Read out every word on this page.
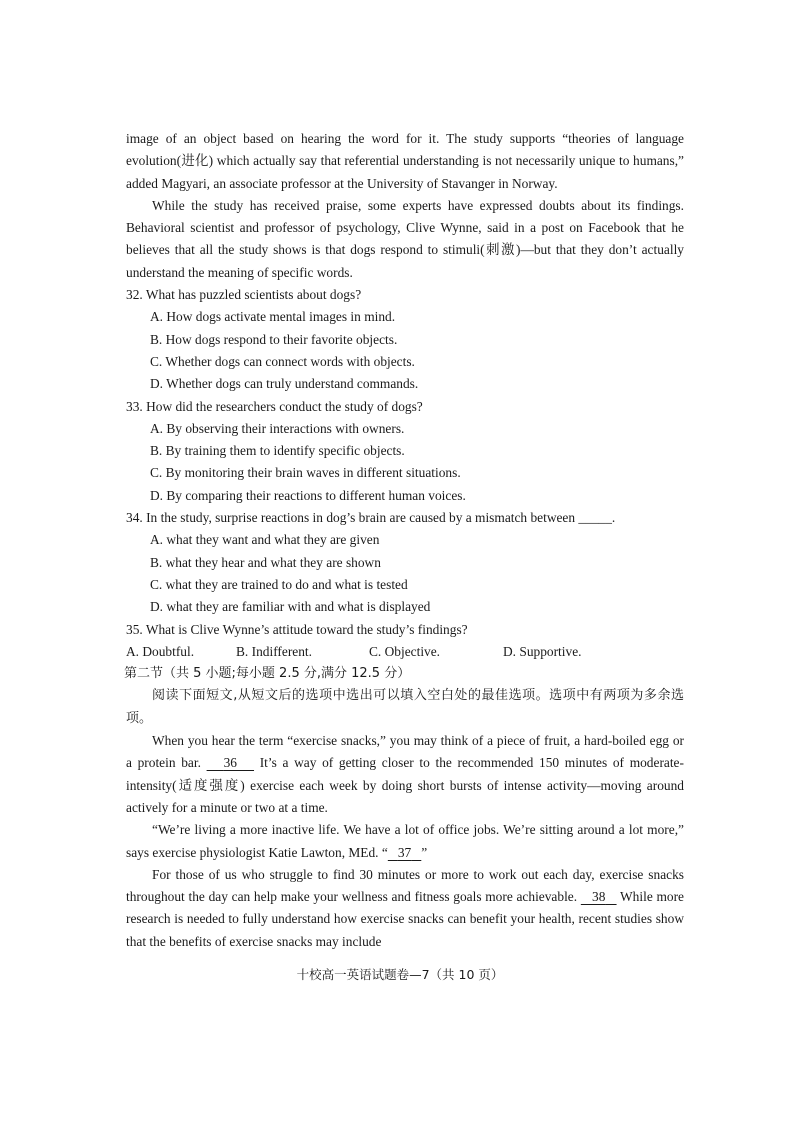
image of an object based on hearing the word for it. The study supports “theories of language evolution(进化) which actually say that referential understanding is not necessarily unique to humans,” added Magyari, an associate professor at the University of Stavanger in Norway.

While the study has received praise, some experts have expressed doubts about its findings. Behavioral scientist and professor of psychology, Clive Wynne, said in a post on Facebook that he believes that all the study shows is that dogs respond to stimuli(刺激)—but that they don’t actually understand the meaning of specific words.

32. What has puzzled scientists about dogs?

A. How dogs activate mental images in mind.

B. How dogs respond to their favorite objects.

C. Whether dogs can connect words with objects.

D. Whether dogs can truly understand commands.

33. How did the researchers conduct the study of dogs?

A. By observing their interactions with owners.

B. By training them to identify specific objects.

C. By monitoring their brain waves in different situations.

D. By comparing their reactions to different human voices.

34. In the study, surprise reactions in dog’s brain are caused by a mismatch between _____.

A. what they want and what they are given

B. what they hear and what they are shown

C. what they are trained to do and what is tested

D. what they are familiar with and what is displayed

35. What is Clive Wynne’s attitude toward the study’s findings?

A. Doubtful.	B. Indifferent.	C. Objective.	D. Supportive.

第二节（共 5 小题;每小题 2.5 分,满分 12.5 分）

阅读下面短文,从短文后的选项中选出可以填入空白处的最佳选项。选项中有两项为多余选项。

When you hear the term “exercise snacks,” you may think of a piece of fruit, a hard-boiled egg or a protein bar. 36 It’s a way of getting closer to the recommended 150 minutes of moderate-intensity(适度强度) exercise each week by doing short bursts of intense activity—moving around actively for a minute or two at a time.

“We’re living a more inactive life. We have a lot of office jobs. We’re sitting around a lot more,” says exercise physiologist Katie Lawton, MEd. “ 37 ”

For those of us who struggle to find 30 minutes or more to work out each day, exercise snacks throughout the day can help make your wellness and fitness goals more achievable. 38 While more research is needed to fully understand how exercise snacks can benefit your health, recent studies show that the benefits of exercise snacks may include

十校高一英语试题卷—7（共 10 页）
